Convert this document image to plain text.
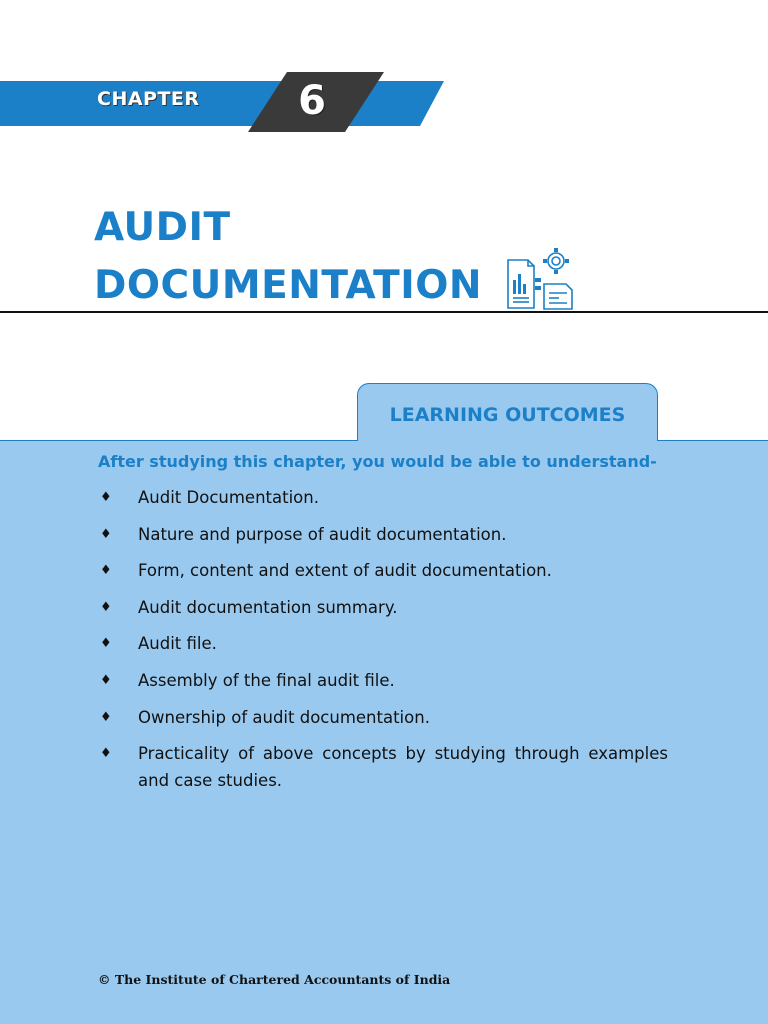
CHAPTER 6
AUDIT
DOCUMENTATION
LEARNING OUTCOMES
After studying this chapter, you would be able to understand-
♦ Audit Documentation.
♦ Nature and purpose of audit documentation.
♦ Form, content and extent of audit documentation.
♦ Audit documentation summary.
♦ Audit file.
♦ Assembly of the final audit file.
♦ Ownership of audit documentation.
♦ Practicality of above concepts by studying through examples and case studies.
© The Institute of Chartered Accountants of India
